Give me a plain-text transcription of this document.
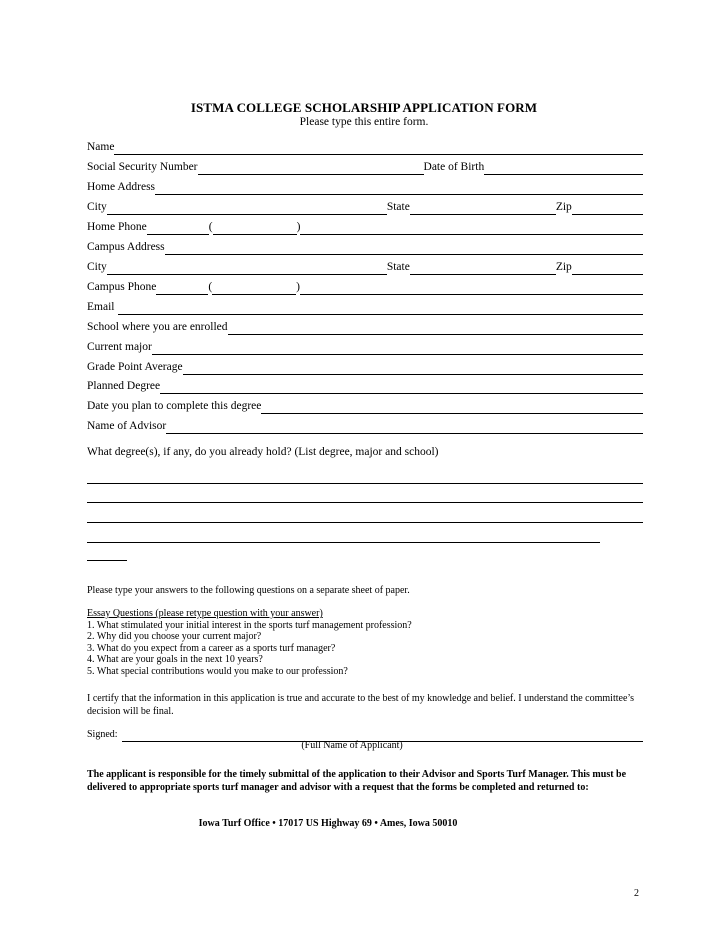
ISTMA COLLEGE SCHOLARSHIP APPLICATION FORM
Please type this entire form.
Name
Social Security Number	Date of Birth
Home Address
City	State	Zip
Home Phone	(	)
Campus Address
City	State	Zip
Campus Phone	(	)
Email
School where you are enrolled
Current major
Grade Point Average
Planned Degree
Date you plan to complete this degree
Name of Advisor
What degree(s), if any, do you already hold? (List degree, major and school)
Please type your answers to the following questions on a separate sheet of paper.
Essay Questions (please retype question with your answer)
1. What stimulated your initial interest in the sports turf management profession?
2. Why did you choose your current major?
3. What do you expect from a career as a sports turf manager?
4. What are your goals in the next 10 years?
5. What special contributions would you make to our profession?
I certify that the information in this application is true and accurate to the best of my knowledge and belief. I understand the committee’s decision will be final.
Signed:
(Full Name of Applicant)
The applicant is responsible for the timely submittal of the application to their Advisor and Sports Turf Manager. This must be delivered to appropriate sports turf manager and advisor with a request that the forms be completed and returned to:
Iowa Turf Office • 17017 US Highway 69 • Ames, Iowa 50010
2
